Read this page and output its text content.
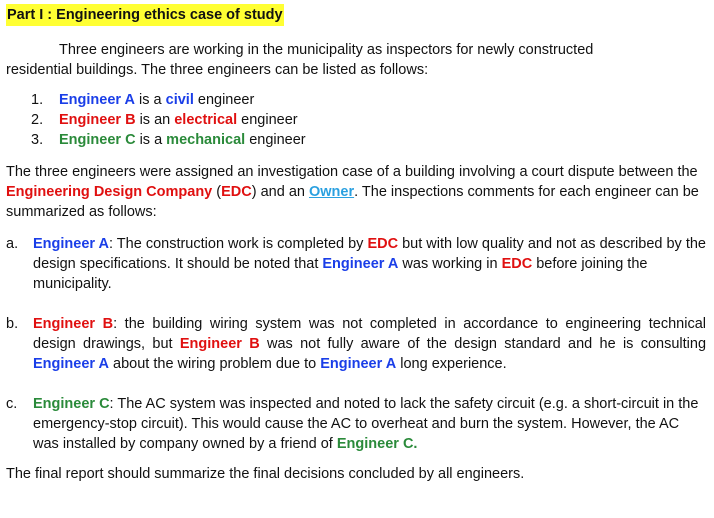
Part I : Engineering ethics case of study
Three engineers are working in the municipality as inspectors for newly constructed
residential buildings. The three engineers can be listed as follows:
1.	Engineer A is a civil engineer
2.	Engineer B is an electrical engineer
3.	Engineer C is a mechanical engineer
The three engineers were assigned an investigation case of a building involving a court dispute between the Engineering Design Company (EDC) and an Owner. The inspections comments for each engineer can be summarized as follows:
a.	Engineer A: The construction work is completed by EDC but with low quality and not as described by the design specifications. It should be noted that Engineer A was working in EDC before joining the municipality.
b.	Engineer B: the building wiring system was not completed in accordance to engineering technical design drawings, but Engineer B was not fully aware of the design standard and he is consulting Engineer A about the wiring problem due to Engineer A long experience.
c.	Engineer C: The AC system was inspected and noted to lack the safety circuit (e.g. a short-circuit in the emergency-stop circuit). This would cause the AC to overheat and burn the system. However, the AC was installed by company owned by a friend of Engineer C.
The final report should summarize the final decisions concluded by all engineers.
